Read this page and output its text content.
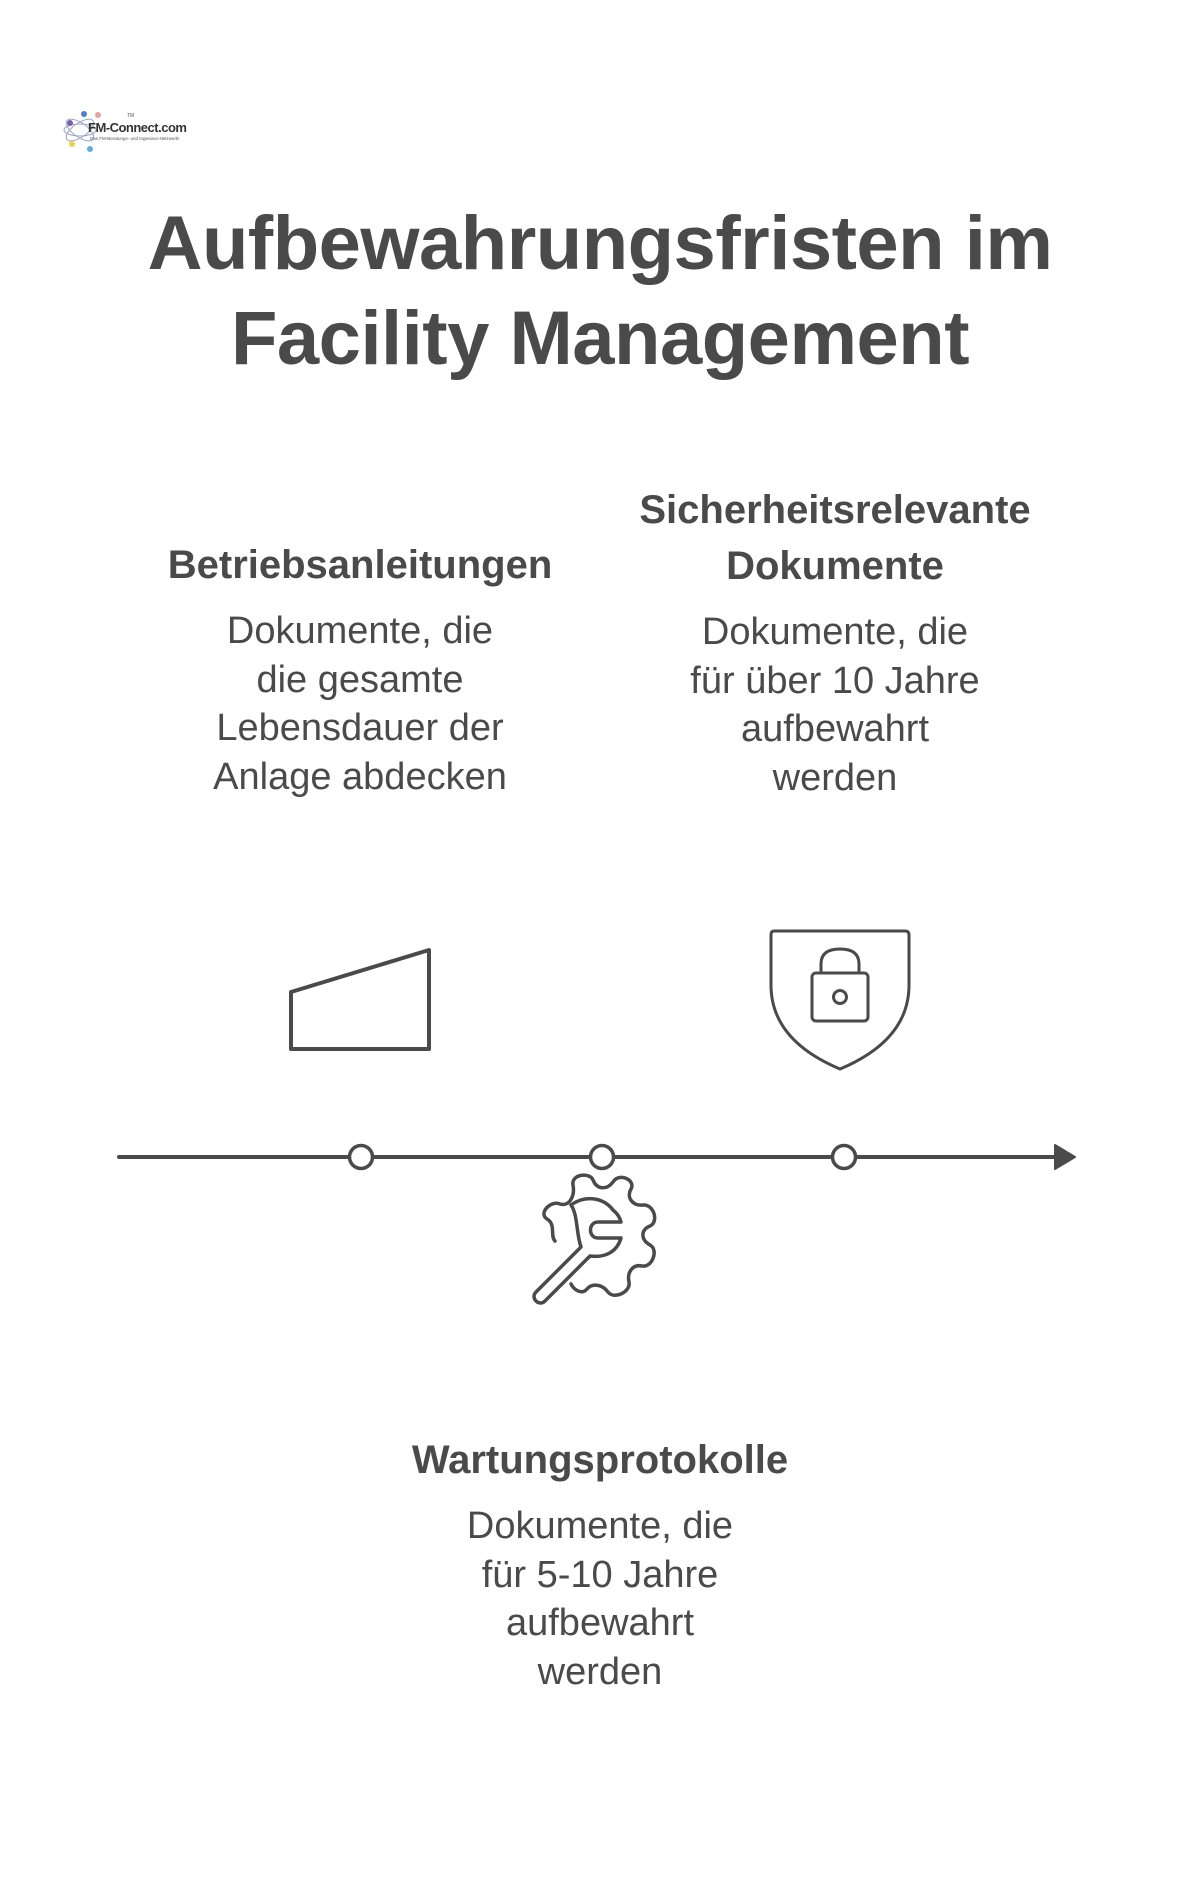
FM-Connect.com
TM
Das FM-Beratungs- und Ingenieur-Netzwerk!
Aufbewahrungsfristen im
Facility Management
Betriebsanleitungen
Dokumente, die
die gesamte
Lebensdauer der
Anlage abdecken
Sicherheitsrelevante
Dokumente
Dokumente, die
für über 10 Jahre
aufbewahrt
werden
Wartungsprotokolle
Dokumente, die
für 5-10 Jahre
aufbewahrt
werden
